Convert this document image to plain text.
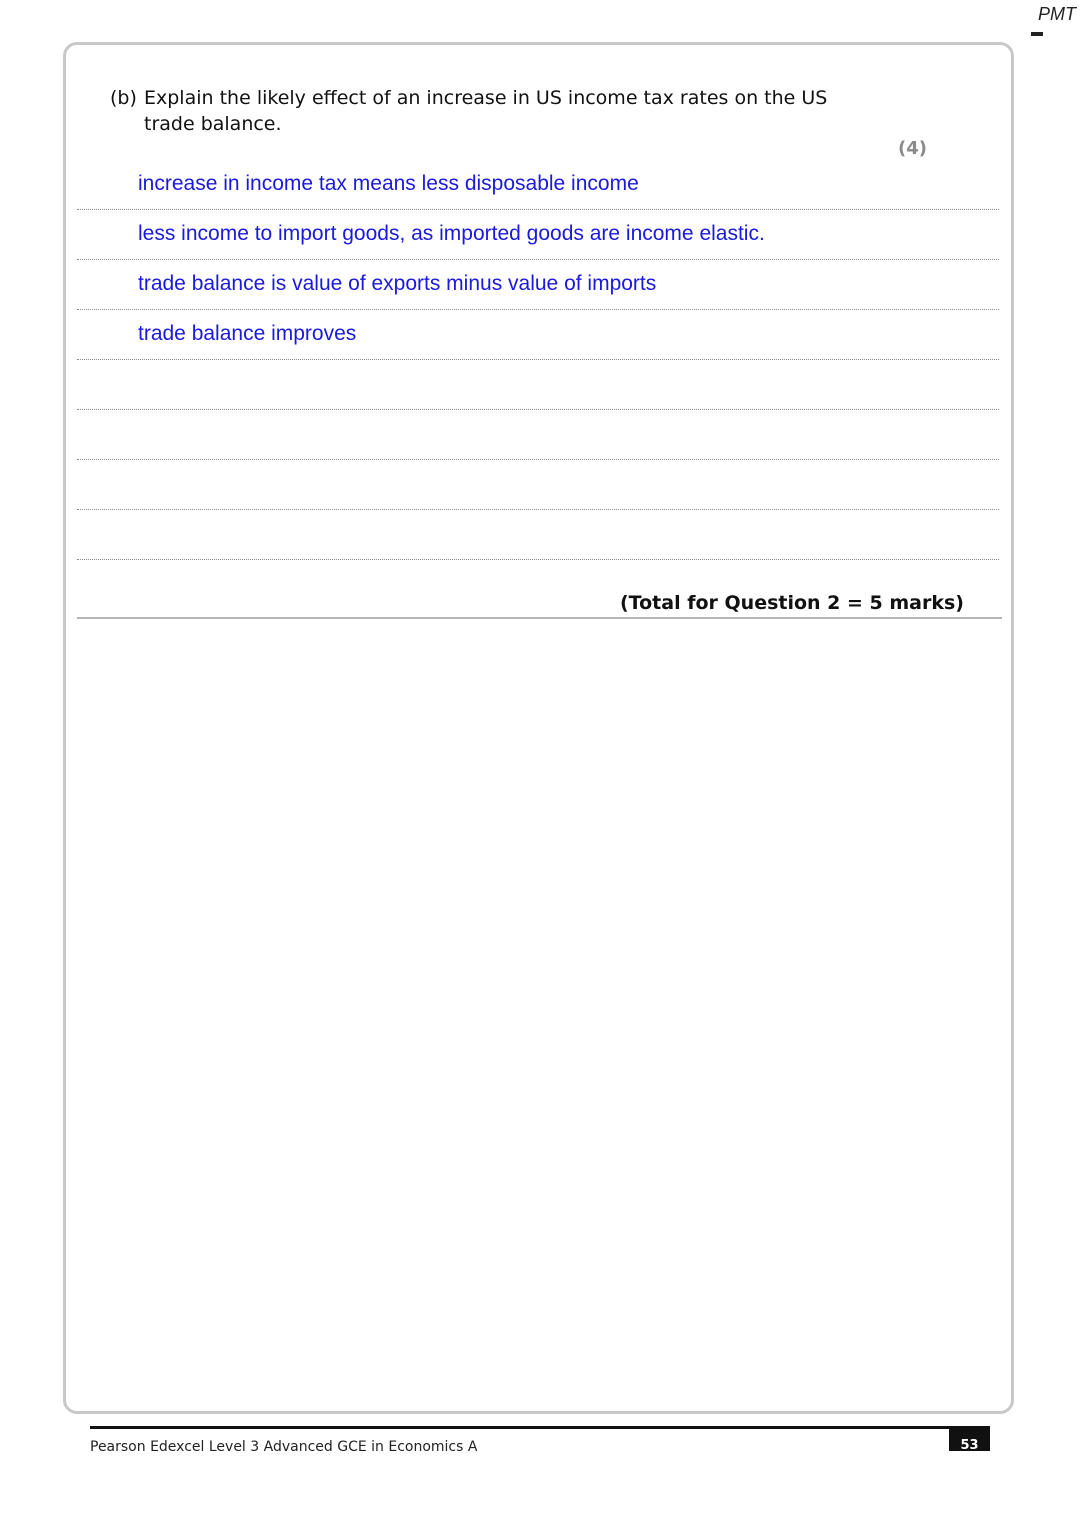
PMT
(b) Explain the likely effect of an increase in US income tax rates on the US trade balance.
(4)
increase in income tax means less disposable income
less income to import goods, as imported goods are income elastic.
trade balance is value of exports minus value of imports
trade balance improves
(Total for Question 2 = 5 marks)
Pearson Edexcel Level 3 Advanced GCE in Economics A	53
